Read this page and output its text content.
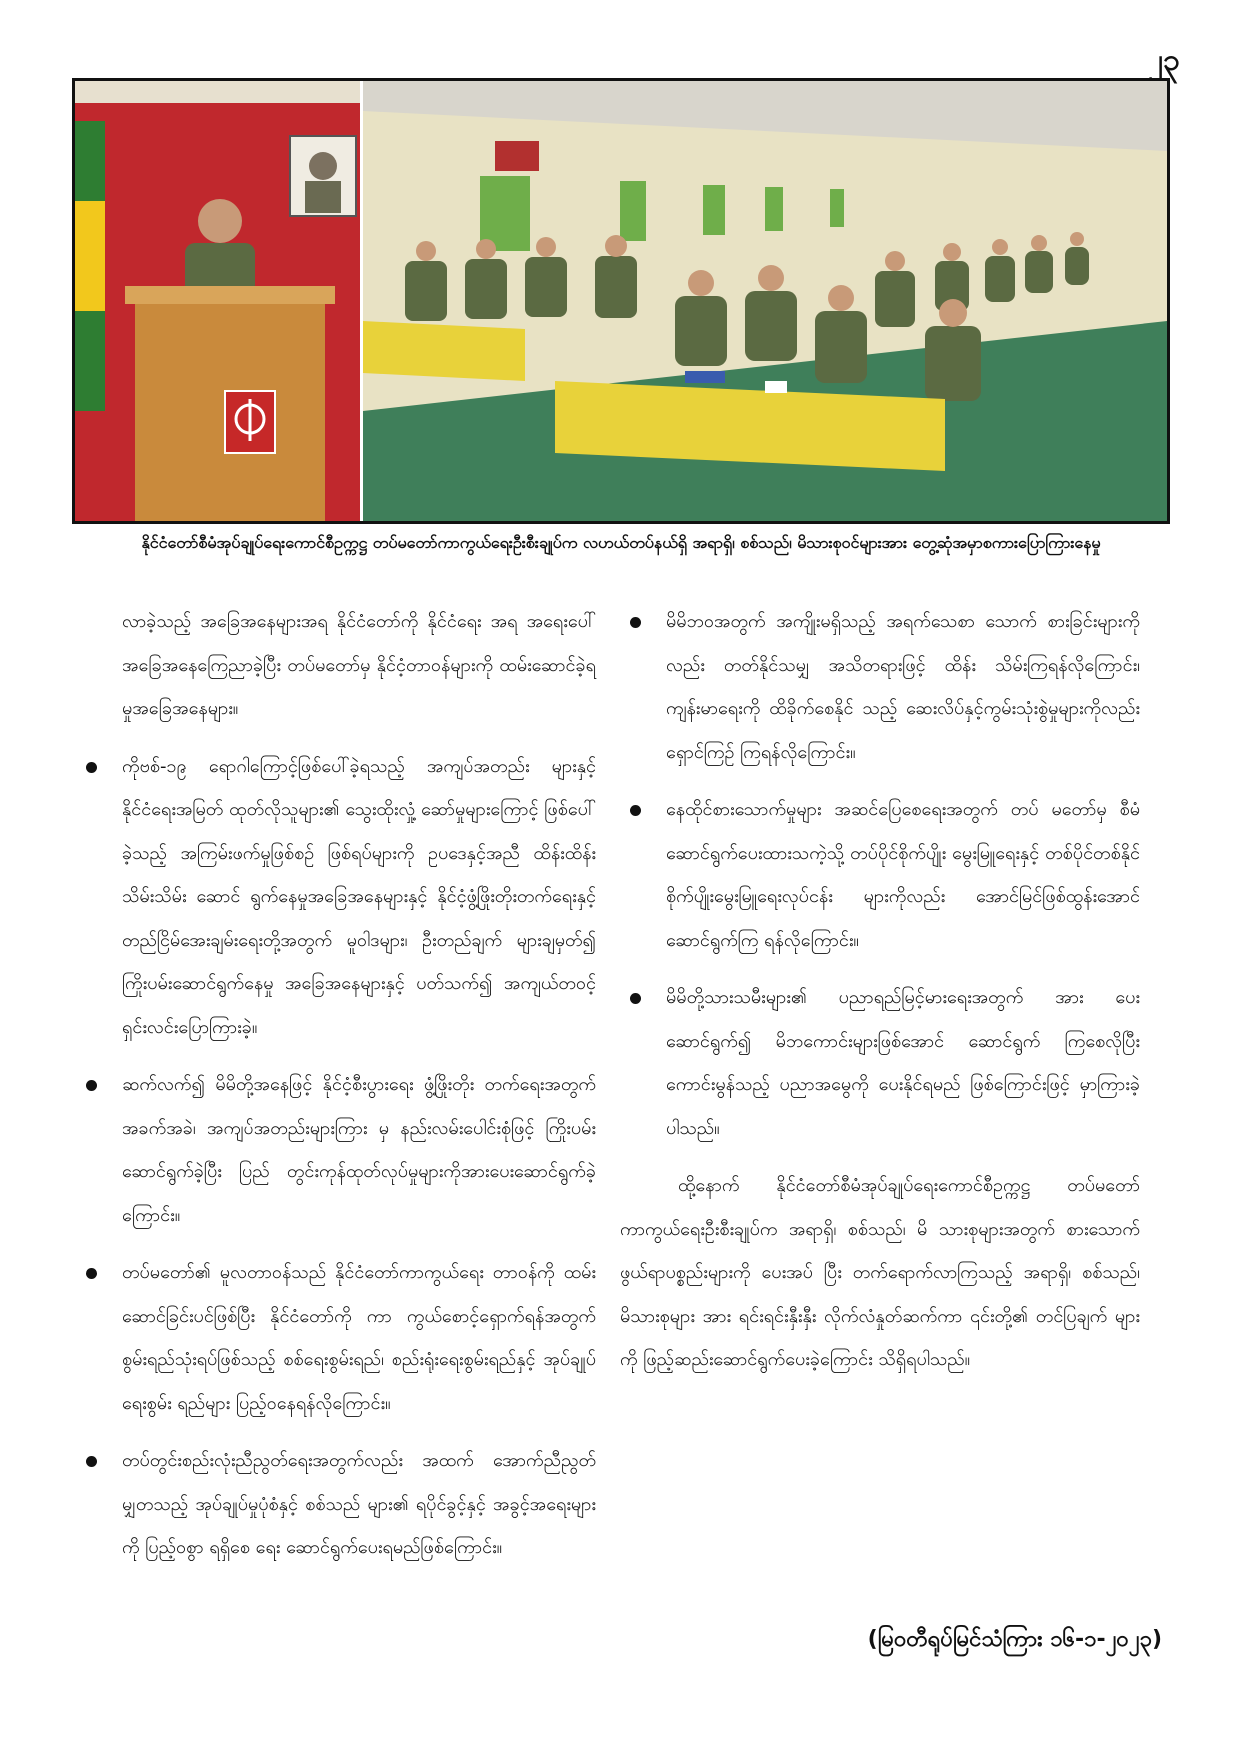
၂၃
နိုင်ငံတော်စီမံအုပ်ချုပ်ရေးကောင်စီဥက္ကဋ္ဌ တပ်မတော်ကာကွယ်ရေးဦးစီးချုပ်က လဟယ်တပ်နယ်ရှိ အရာရှိ၊ စစ်သည်၊ မိသားစုဝင်များအား တွေ့ဆုံအမှာစကားပြောကြားနေမှု

လာခဲ့သည့် အခြေအနေများအရ နိုင်ငံတော်ကို နိုင်ငံရေး အရ အရေးပေါ်အခြေအနေကြေညာခဲ့ပြီး တပ်မတော်မှ နိုင်ငံ့တာဝန်များကို ထမ်းဆောင်ခဲ့ရမှုအခြေအနေများ။

ကိုဗစ်-၁၉ ရောဂါကြောင့်ဖြစ်ပေါ်ခဲ့ရသည့် အကျပ်အတည်း များနှင့် နိုင်ငံရေးအမြတ် ထုတ်လိုသူများ၏ သွေးထိုးလှုံ့ ဆော်မှုများကြောင့် ဖြစ်ပေါ်ခဲ့သည့် အကြမ်းဖက်မှုဖြစ်စဉ် ဖြစ်ရပ်များကို ဥပဒေနှင့်အညီ ထိန်းထိန်းသိမ်းသိမ်း ဆောင် ရွက်နေမှုအခြေအနေများနှင့် နိုင်ငံ့ဖွံ့ဖြိုးတိုးတက်ရေးနှင့် တည်ငြိမ်အေးချမ်းရေးတို့အတွက် မူဝါဒများ၊ ဦးတည်ချက် များချမှတ်၍ ကြိုးပမ်းဆောင်ရွက်နေမှု အခြေအနေများနှင့် ပတ်သက်၍ အကျယ်တဝင့် ရှင်းလင်းပြောကြားခဲ့။

ဆက်လက်၍ မိမိတို့အနေဖြင့် နိုင်ငံ့စီးပွားရေး ဖွံ့ဖြိုးတိုး တက်ရေးအတွက် အခက်အခဲ၊ အကျပ်အတည်းများကြား မှ နည်းလမ်းပေါင်းစုံဖြင့် ကြိုးပမ်းဆောင်ရွက်ခဲ့ပြီး ပြည် တွင်းကုန်ထုတ်လုပ်မှုများကိုအားပေးဆောင်ရွက်ခဲ့ကြောင်း။

တပ်မတော်၏ မူလတာဝန်သည် နိုင်ငံတော်ကာကွယ်ရေး တာဝန်ကို ထမ်းဆောင်ခြင်းပင်ဖြစ်ပြီး နိုင်ငံတော်ကို ကာ ကွယ်စောင့်ရှောက်ရန်အတွက် စွမ်းရည်သုံးရပ်ဖြစ်သည့် စစ်ရေးစွမ်းရည်၊ စည်းရုံးရေးစွမ်းရည်နှင့် အုပ်ချုပ်ရေးစွမ်း ရည်များ ပြည့်ဝနေရန်လိုကြောင်း။

တပ်တွင်းစည်းလုံးညီညွတ်ရေးအတွက်လည်း အထက် အောက်ညီညွတ်မျှတသည့် အုပ်ချုပ်မှုပုံစံနှင့် စစ်သည် များ၏ ရပိုင်ခွင့်နှင့် အခွင့်အရေးများကို ပြည့်ဝစွာ ရရှိစေ ရေး ဆောင်ရွက်ပေးရမည်ဖြစ်ကြောင်း။

မိမိဘဝအတွက် အကျိုးမရှိသည့် အရက်သေစာ သောက် စားခြင်းများကိုလည်း တတ်နိုင်သမျှ အသိတရားဖြင့် ထိန်း သိမ်းကြရန်လိုကြောင်း၊ ကျန်းမာရေးကို ထိခိုက်စေနိုင် သည့် ဆေးလိပ်နှင့်ကွမ်းသုံးစွဲမှုများကိုလည်း ရှောင်ကြဉ် ကြရန်လိုကြောင်း။

နေထိုင်စားသောက်မှုများ အဆင်ပြေစေရေးအတွက် တပ် မတော်မှ စီမံဆောင်ရွက်ပေးထားသကဲ့သို့ တပ်ပိုင်စိုက်ပျိုး မွေးမြူရေးနှင့် တစ်ပိုင်တစ်နိုင် စိုက်ပျိုးမွေးမြူရေးလုပ်ငန်း များကိုလည်း အောင်မြင်ဖြစ်ထွန်းအောင် ဆောင်ရွက်ကြ ရန်လိုကြောင်း။

မိမိတို့သားသမီးများ၏ ပညာရည်မြင့်မားရေးအတွက် အား ပေးဆောင်ရွက်၍ မိဘကောင်းများဖြစ်အောင် ဆောင်ရွက် ကြစေလိုပြီး ကောင်းမွန်သည့် ပညာအမွေကို ပေးနိုင်ရမည် ဖြစ်ကြောင်းဖြင့် မှာကြားခဲ့ပါသည်။

ထို့နောက် နိုင်ငံတော်စီမံအုပ်ချုပ်ရေးကောင်စီဥက္ကဋ္ဌ တပ်မတော်ကာကွယ်ရေးဦးစီးချုပ်က အရာရှိ၊ စစ်သည်၊ မိ သားစုများအတွက် စားသောက်ဖွယ်ရာပစ္စည်းများကို ပေးအပ် ပြီး တက်ရောက်လာကြသည့် အရာရှိ၊ စစ်သည်၊ မိသားစုများ အား ရင်းရင်းနှီးနှီး လိုက်လံနှုတ်ဆက်ကာ ၎င်းတို့၏ တင်ပြချက် များကို ဖြည့်ဆည်းဆောင်ရွက်ပေးခဲ့ကြောင်း သိရှိရပါသည်။

(မြဝတီရုပ်မြင်သံကြား ၁၆-၁-၂၀၂၃)
